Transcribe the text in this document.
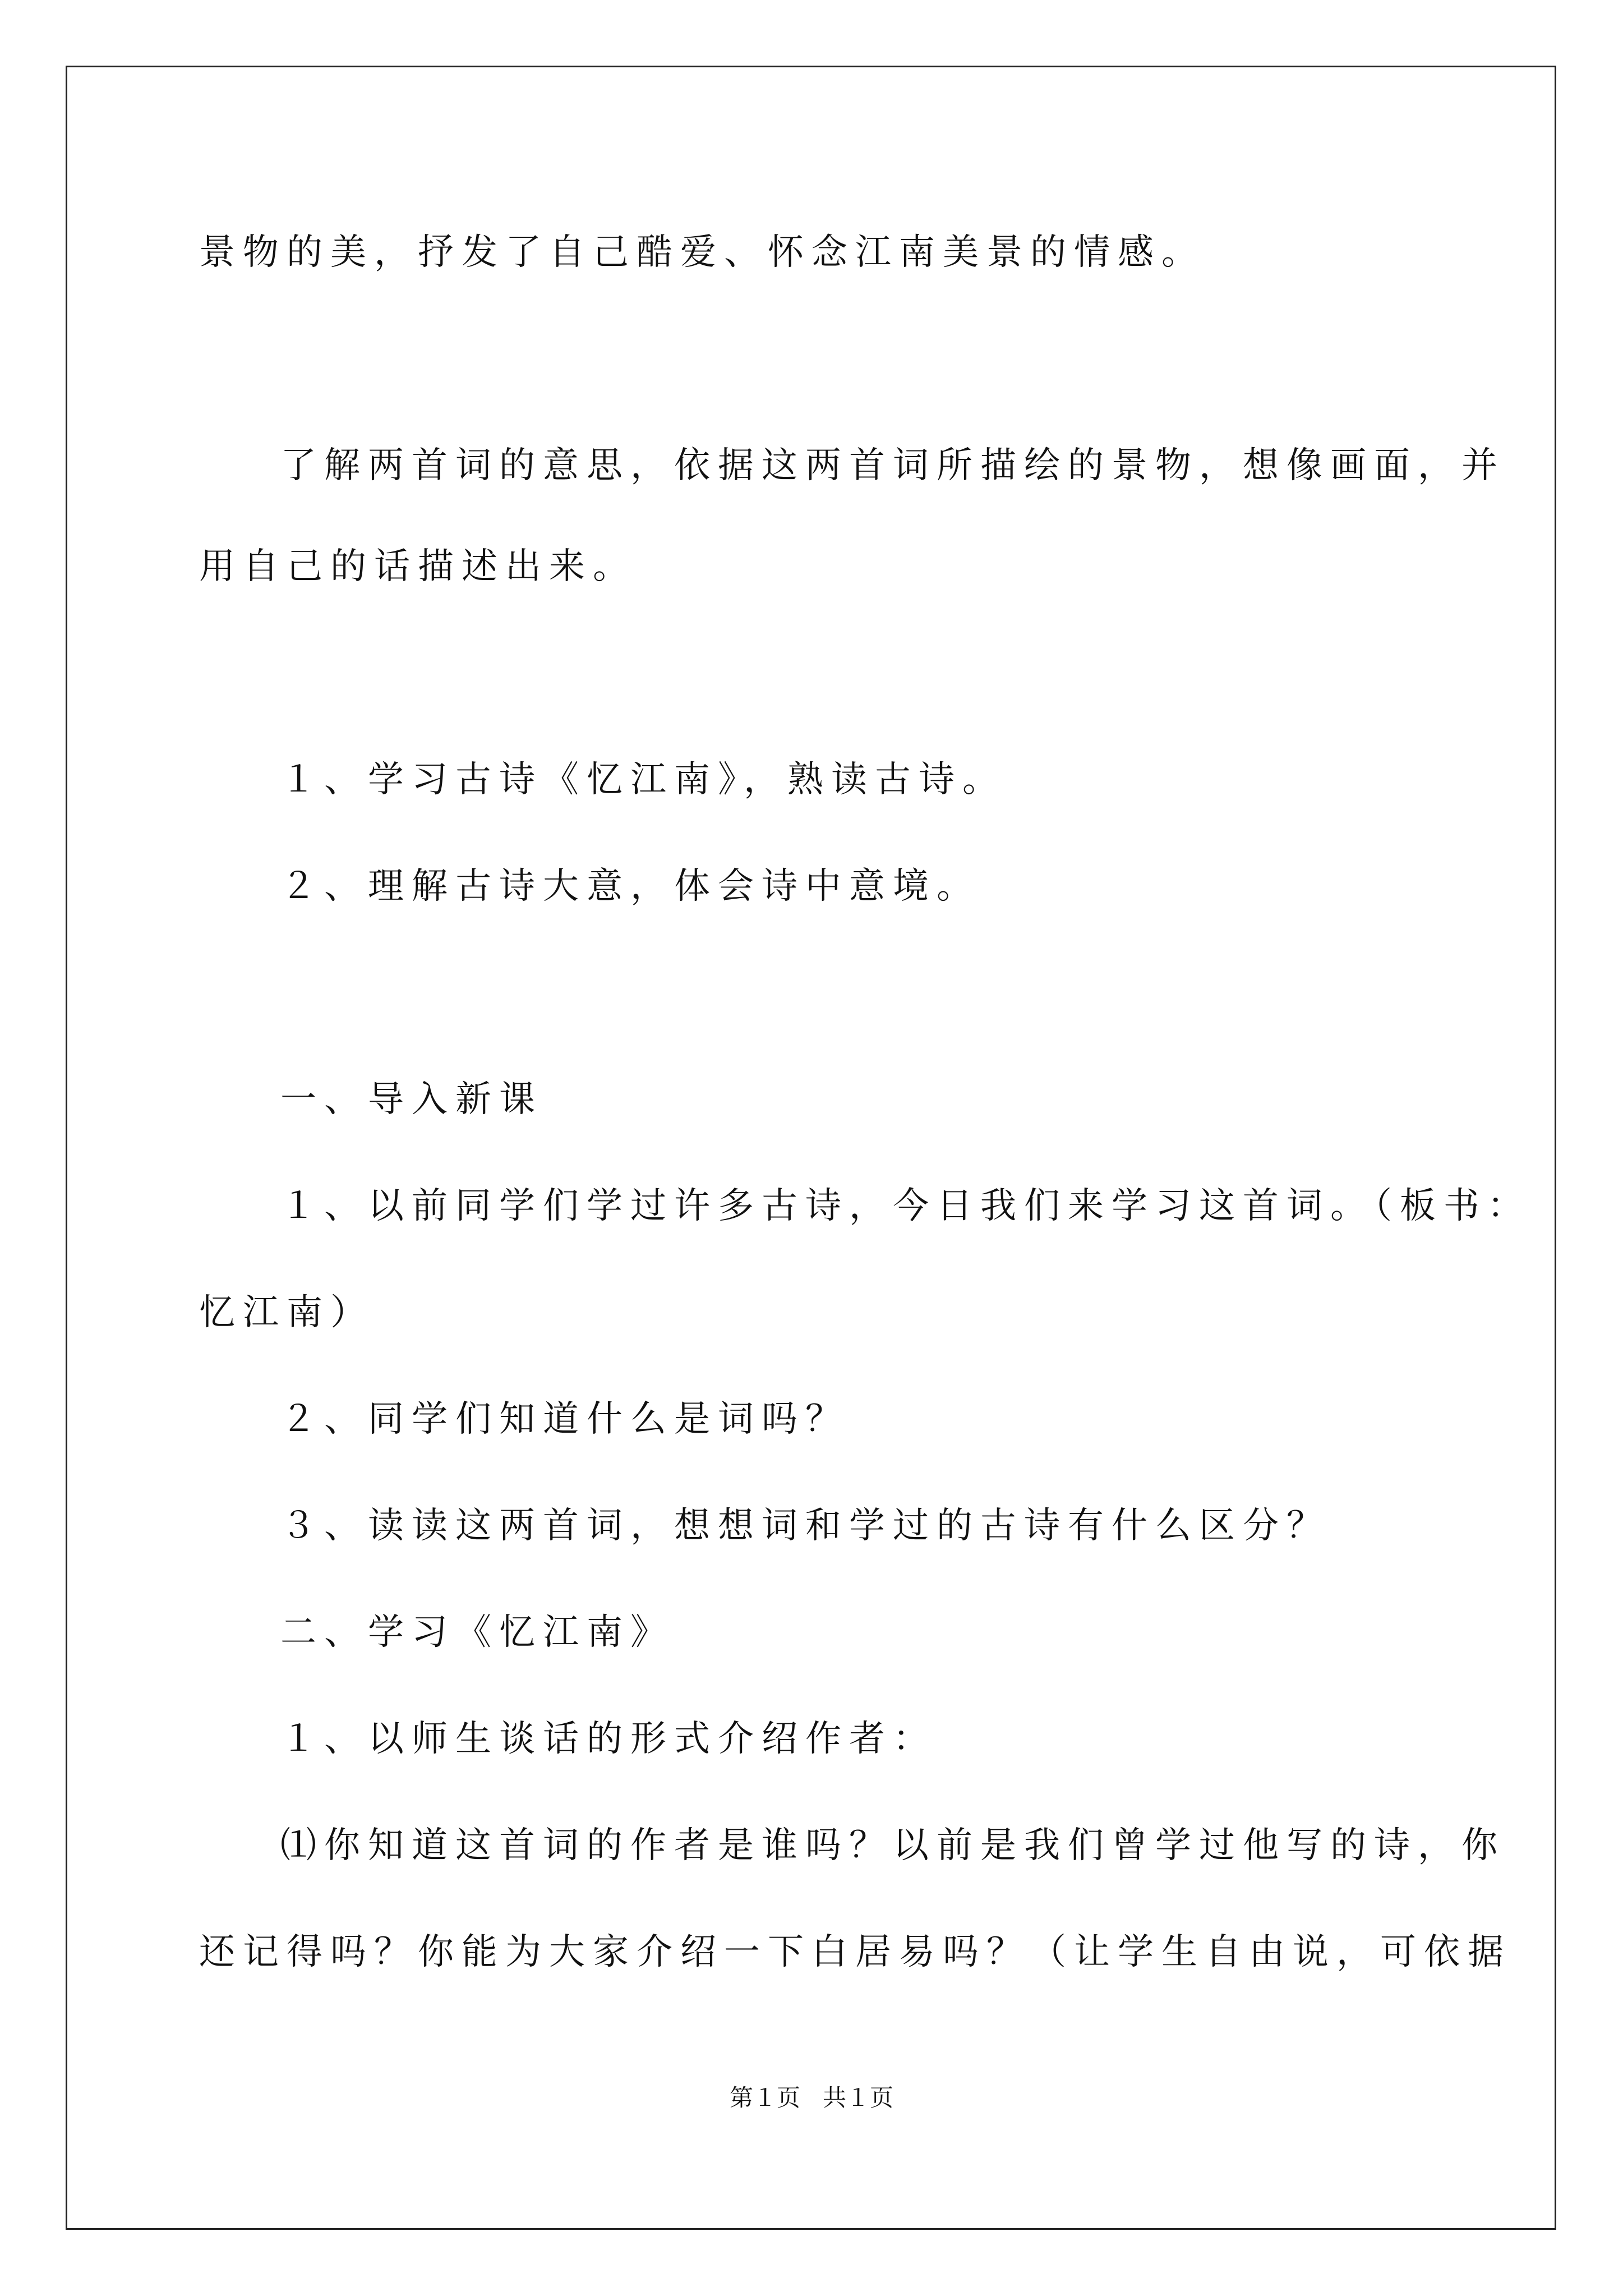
景物的美，抒发了自己酷爱、怀念江南美景的情感。
了解两首词的意思，依据这两首词所描绘的景物，想像画面，并
用自己的话描述出来。
１、学习古诗《忆江南》，熟读古诗。
２、理解古诗大意，体会诗中意境。
一、导入新课
１、以前同学们学过许多古诗，今日我们来学习这首词。（板书：
忆江南）
２、同学们知道什么是词吗？
３、读读这两首词，想想词和学过的古诗有什么区分？
二、学习《忆江南》
１、以师生谈话的形式介绍作者：
⑴你知道这首词的作者是谁吗？以前是我们曾学过他写的诗，你
还记得吗？你能为大家介绍一下白居易吗？（让学生自由说，可依据
第１页   共１页
